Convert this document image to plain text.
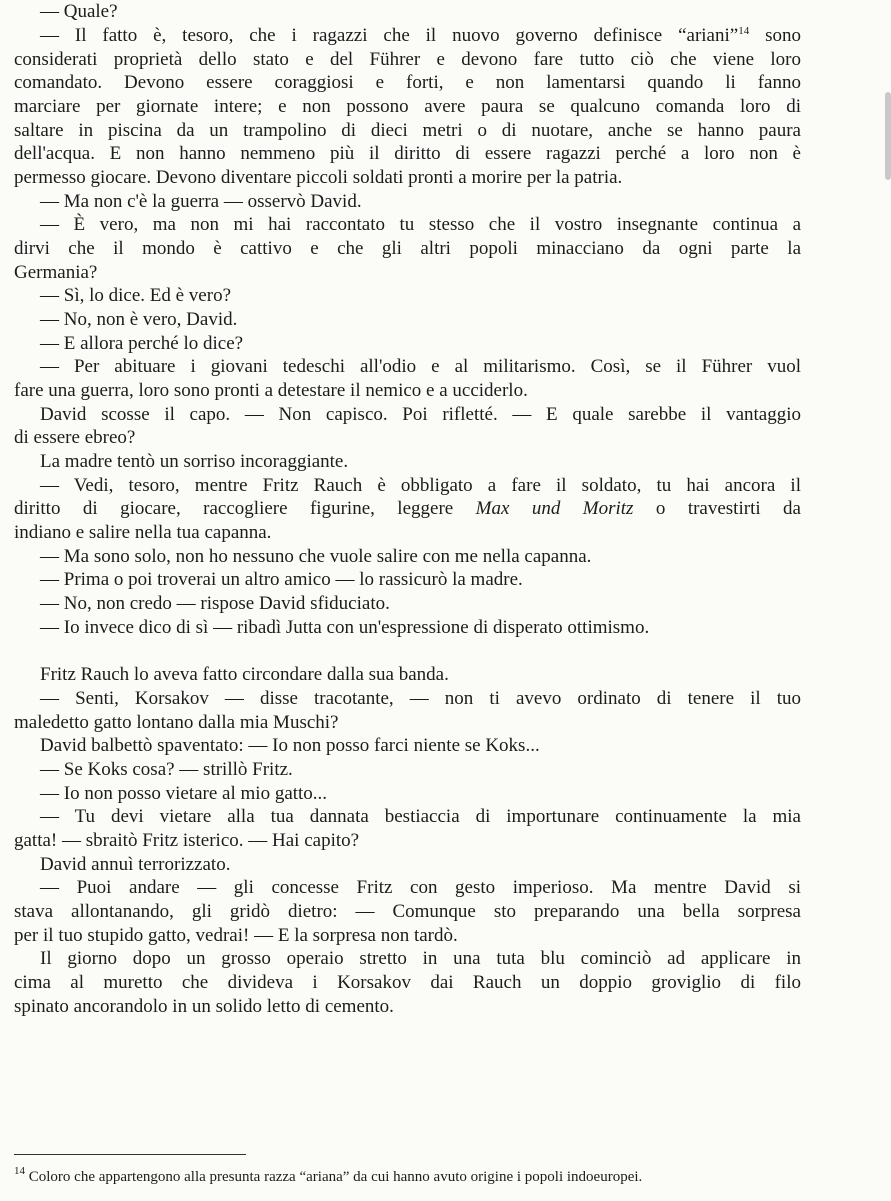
— Quale?
— Il fatto è, tesoro, che i ragazzi che il nuovo governo definisce “ariani”$^{14}$ sono
considerati proprietà dello stato e del Führer e devono fare tutto ciò che viene loro
comandato. Devono essere coraggiosi e forti, e non lamentarsi quando li fanno
marciare per giornate intere; e non possono avere paura se qualcuno comanda loro di
saltare in piscina da un trampolino di dieci metri o di nuotare, anche se hanno paura
dell'acqua. E non hanno nemmeno più il diritto di essere ragazzi perché a loro non è
permesso giocare. Devono diventare piccoli soldati pronti a morire per la patria.
— Ma non c'è la guerra — osservò David.
— È vero, ma non mi hai raccontato tu stesso che il vostro insegnante continua a
dirvi che il mondo è cattivo e che gli altri popoli minacciano da ogni parte la
Germania?
— Sì, lo dice. Ed è vero?
— No, non è vero, David.
— E allora perché lo dice?
— Per abituare i giovani tedeschi all'odio e al militarismo. Così, se il Führer vuol
fare una guerra, loro sono pronti a detestare il nemico e a ucciderlo.
David scosse il capo. — Non capisco. Poi rifletté. — E quale sarebbe il vantaggio
di essere ebreo?
La madre tentò un sorriso incoraggiante.
— Vedi, tesoro, mentre Fritz Rauch è obbligato a fare il soldato, tu hai ancora il
diritto di giocare, raccogliere figurine, leggere Max und Moritz o travestirti da
indiano e salire nella tua capanna.
— Ma sono solo, non ho nessuno che vuole salire con me nella capanna.
— Prima o poi troverai un altro amico — lo rassicurò la madre.
— No, non credo — rispose David sfiduciato.
— Io invece dico di sì — ribadì Jutta con un'espressione di disperato ottimismo.
Fritz Rauch lo aveva fatto circondare dalla sua banda.
— Senti, Korsakov — disse tracotante, — non ti avevo ordinato di tenere il tuo
maledetto gatto lontano dalla mia Muschi?
David balbettò spaventato: — Io non posso farci niente se Koks...
— Se Koks cosa? — strillò Fritz.
— Io non posso vietare al mio gatto...
— Tu devi vietare alla tua dannata bestiaccia di importunare continuamente la mia
gatta! — sbraitò Fritz isterico. — Hai capito?
David annuì terrorizzato.
— Puoi andare — gli concesse Fritz con gesto imperioso. Ma mentre David si
stava allontanando, gli gridò dietro: — Comunque sto preparando una bella sorpresa
per il tuo stupido gatto, vedrai! — E la sorpresa non tardò.
Il giorno dopo un grosso operaio stretto in una tuta blu cominciò ad applicare in
cima al muretto che divideva i Korsakov dai Rauch un doppio groviglio di filo
spinato ancorandolo in un solido letto di cemento.
$^{14}$ Coloro che appartengono alla presunta razza “ariana” da cui hanno avuto origine i popoli indoeuropei.
